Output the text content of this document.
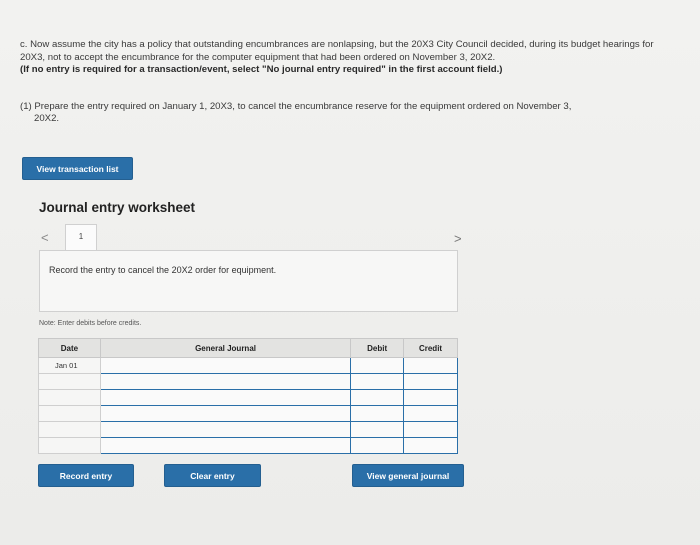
c. Now assume the city has a policy that outstanding encumbrances are nonlapsing, but the 20X3 City Council decided, during its budget hearings for 20X3, not to accept the encumbrance for the computer equipment that had been ordered on November 3, 20X2.
(If no entry is required for a transaction/event, select "No journal entry required" in the first account field.)
(1) Prepare the entry required on January 1, 20X3, to cancel the encumbrance reserve for the equipment ordered on November 3,
20X2.
View transaction list
Journal entry worksheet
<	1	>
Record the entry to cancel the 20X2 order for equipment.
Note: Enter debits before credits.
Date	General Journal	Debit	Credit
Jan 01			

Record entry	Clear entry	View general journal
